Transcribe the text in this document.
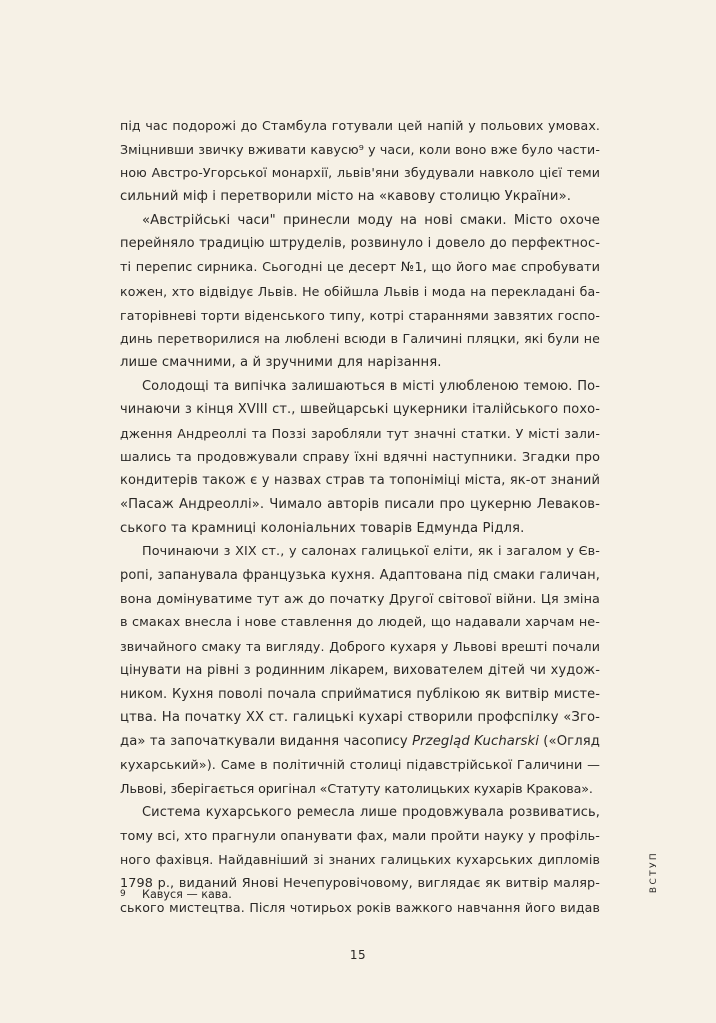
під час подорожі до Стамбула готували цей напій у польових умовах.
Зміцнивши звичку вживати кавусю⁹ у часи, коли воно вже було части-
ною Австро-Угорської монархії, львів'яни збудували навколо цієї теми
сильний міф і перетворили місто на «кавову столицю України».
«Австрійські часи" принесли моду на нові смаки. Місто охоче
перейняло традицію штруделів, розвинуло і довело до перфектнос-
ті перепис сирника. Сьогодні це десерт №1, що його має спробувати
кожен, хто відвідує Львів. Не обійшла Львів і мода на перекладані ба-
гаторівневі торти віденського типу, котрі стараннями завзятих госпо-
динь перетворилися на люблені всюди в Галичині пляцки, які були не
лише смачними, а й зручними для нарізання.
Солодощі та випічка залишаються в місті улюбленою темою. По-
чинаючи з кінця XVIII ст., швейцарські цукерники італійського похо-
дження Андреоллі та Поззі заробляли тут значні статки. У місті зали-
шались та продовжували справу їхні вдячні наступники. Згадки про
кондитерів також є у назвах страв та топоніміці міста, як-от знаний
«Пасаж Андреоллі». Чимало авторів писали про цукерню Леваков-
ського та крамниці колоніальних товарів Едмунда Рідля.
Починаючи з XIX ст., у салонах галицької еліти, як і загалом у Єв-
ропі, запанувала французька кухня. Адаптована під смаки галичан,
вона домінуватиме тут аж до початку Другої світової війни. Ця зміна
в смаках внесла і нове ставлення до людей, що надавали харчам не-
звичайного смаку та вигляду. Доброго кухаря у Львові врешті почали
цінувати на рівні з родинним лікарем, вихователем дітей чи худож-
ником. Кухня поволі почала сприйматися публікою як витвір мисте-
цтва. На початку XX ст. галицькі кухарі створили профспілку «Зго-
да» та започаткували видання часопису Przegląd Kucharski («Огляд
кухарський»). Саме в політичній столиці підавстрійської Галичини —
Львові, зберігається оригінал «Статуту католицьких кухарів Кракова».
Система кухарського ремесла лише продовжувала розвиватись,
тому всі, хто прагнули опанувати фах, мали пройти науку у профіль-
ного фахівця. Найдавніший зі знаних галицьких кухарських дипломів
1798 р., виданий Янові Нечепуровічовому, виглядає як витвір маляр-
ського мистецтва. Після чотирьох років важкого навчання його видав
9 Кавуся — кава.
15
ВСТУП
